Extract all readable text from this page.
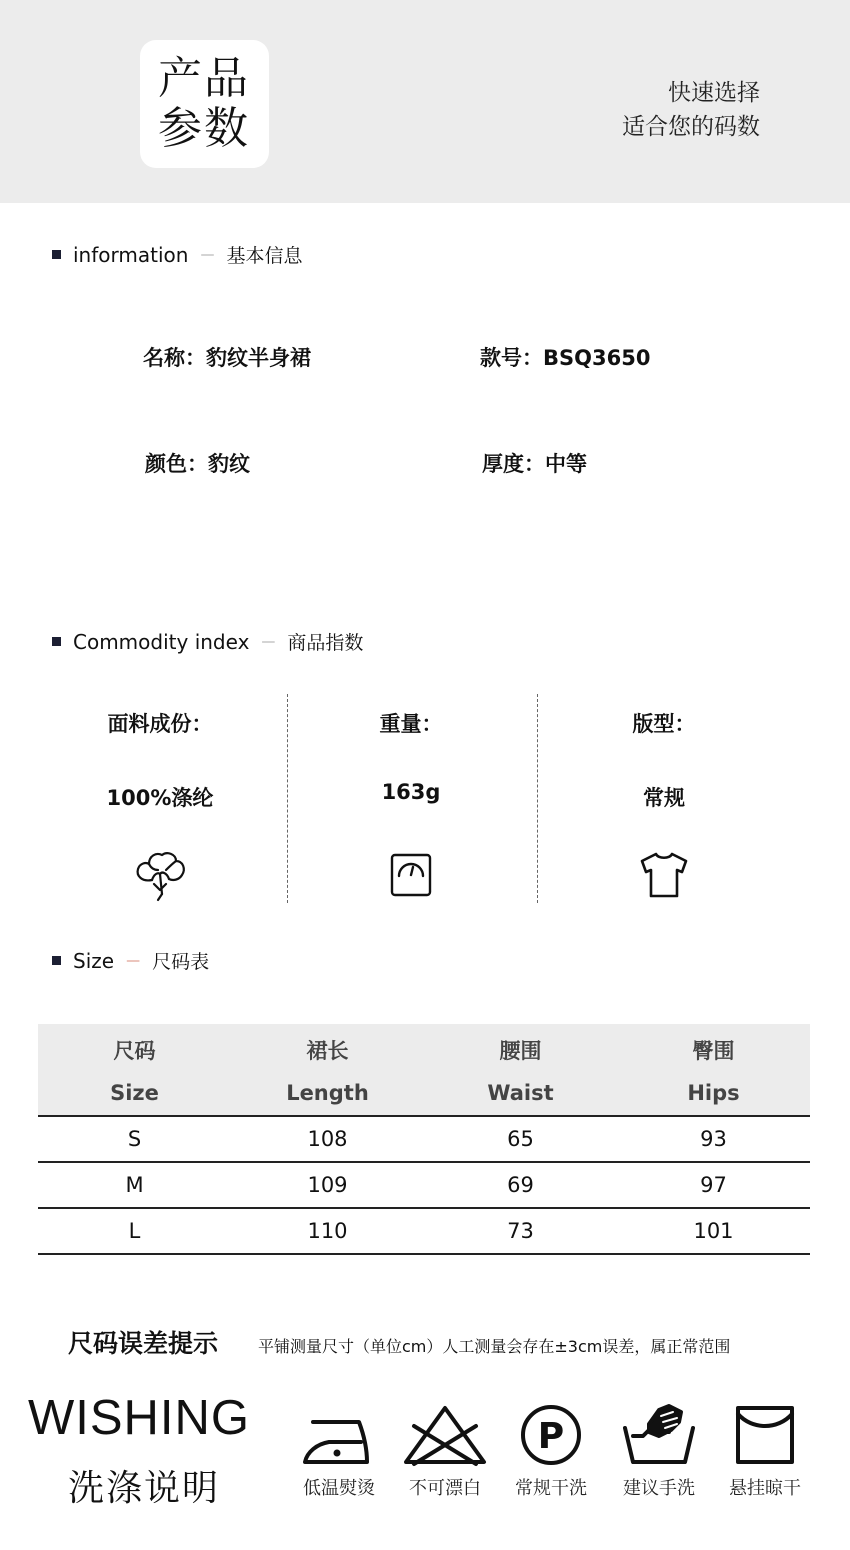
产品
参数
快速选择
适合您的码数
information — 基本信息
名称：豹纹半身裙	款号：BSQ3650
颜色：豹纹	厚度：中等
Commodity index — 商品指数
面料成份：
100%涤纶
重量：
163g
版型：
常规
Size — 尺码表
尺码	裙长	腰围	臀围
Size	Length	Waist	Hips
S	108	65	93
M	109	69	97
L	110	73	101
尺码误差提示 平铺测量尺寸（单位cm）人工测量会存在±3cm误差，属正常范围
WISHING
洗涤说明	低温熨烫	不可漂白
P
常规干洗	建议手洗	悬挂晾干
